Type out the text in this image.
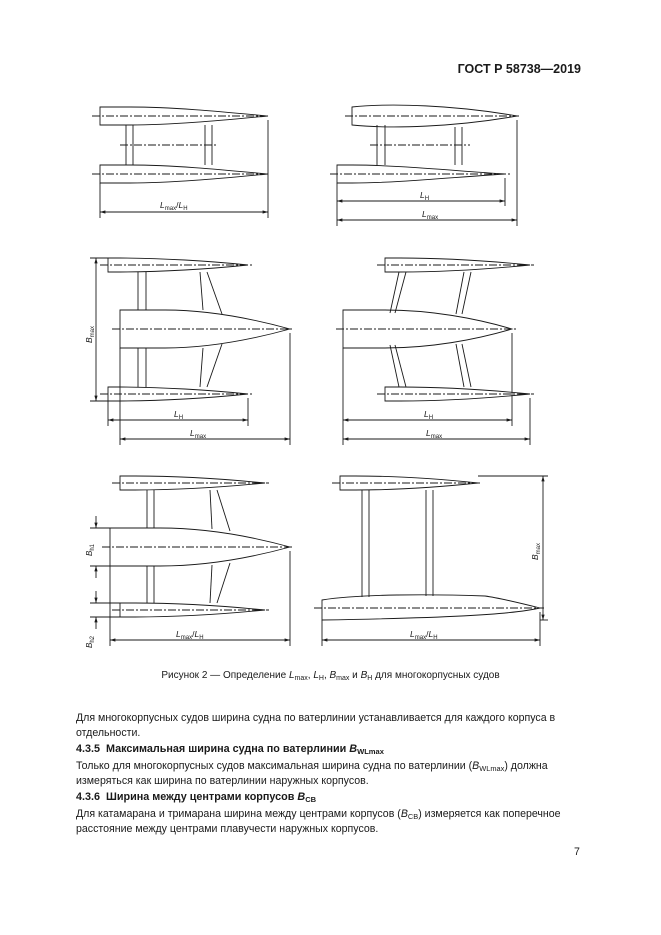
ГОСТ Р 58738—2019
$L_{max}/L_H$
$L_H$
$L_{max}$
$L_H$
$L_{max}$
$B_{max}$
$L_H$
$L_{max}$
$L_{max}/L_H$
$B_{h1}$
$B_{h2}$
$L_{max}/L_H$
$B_{max}$
Рисунок 2 — Определение $L_{max}$, $L_H$, $B_{max}$ и $B_H$ для многокорпусных судов

Для многокорпусных судов ширина судна по ватерлинии устанавливается для каждого корпуса в отдельности.

4.3.5 Максимальная ширина судна по ватерлинии $B_{WLmax}$

Только для многокорпусных судов максимальная ширина судна по ватерлинии $(B_{WLmax})$ должна измеряться как ширина по ватерлинии наружных корпусов.

4.3.6 Ширина между центрами корпусов $B_{CB}$

Для катамарана и тримарана ширина между центрами корпусов $(B_{CB})$ измеряется как поперечное расстояние между центрами плавучести наружных корпусов.

7
